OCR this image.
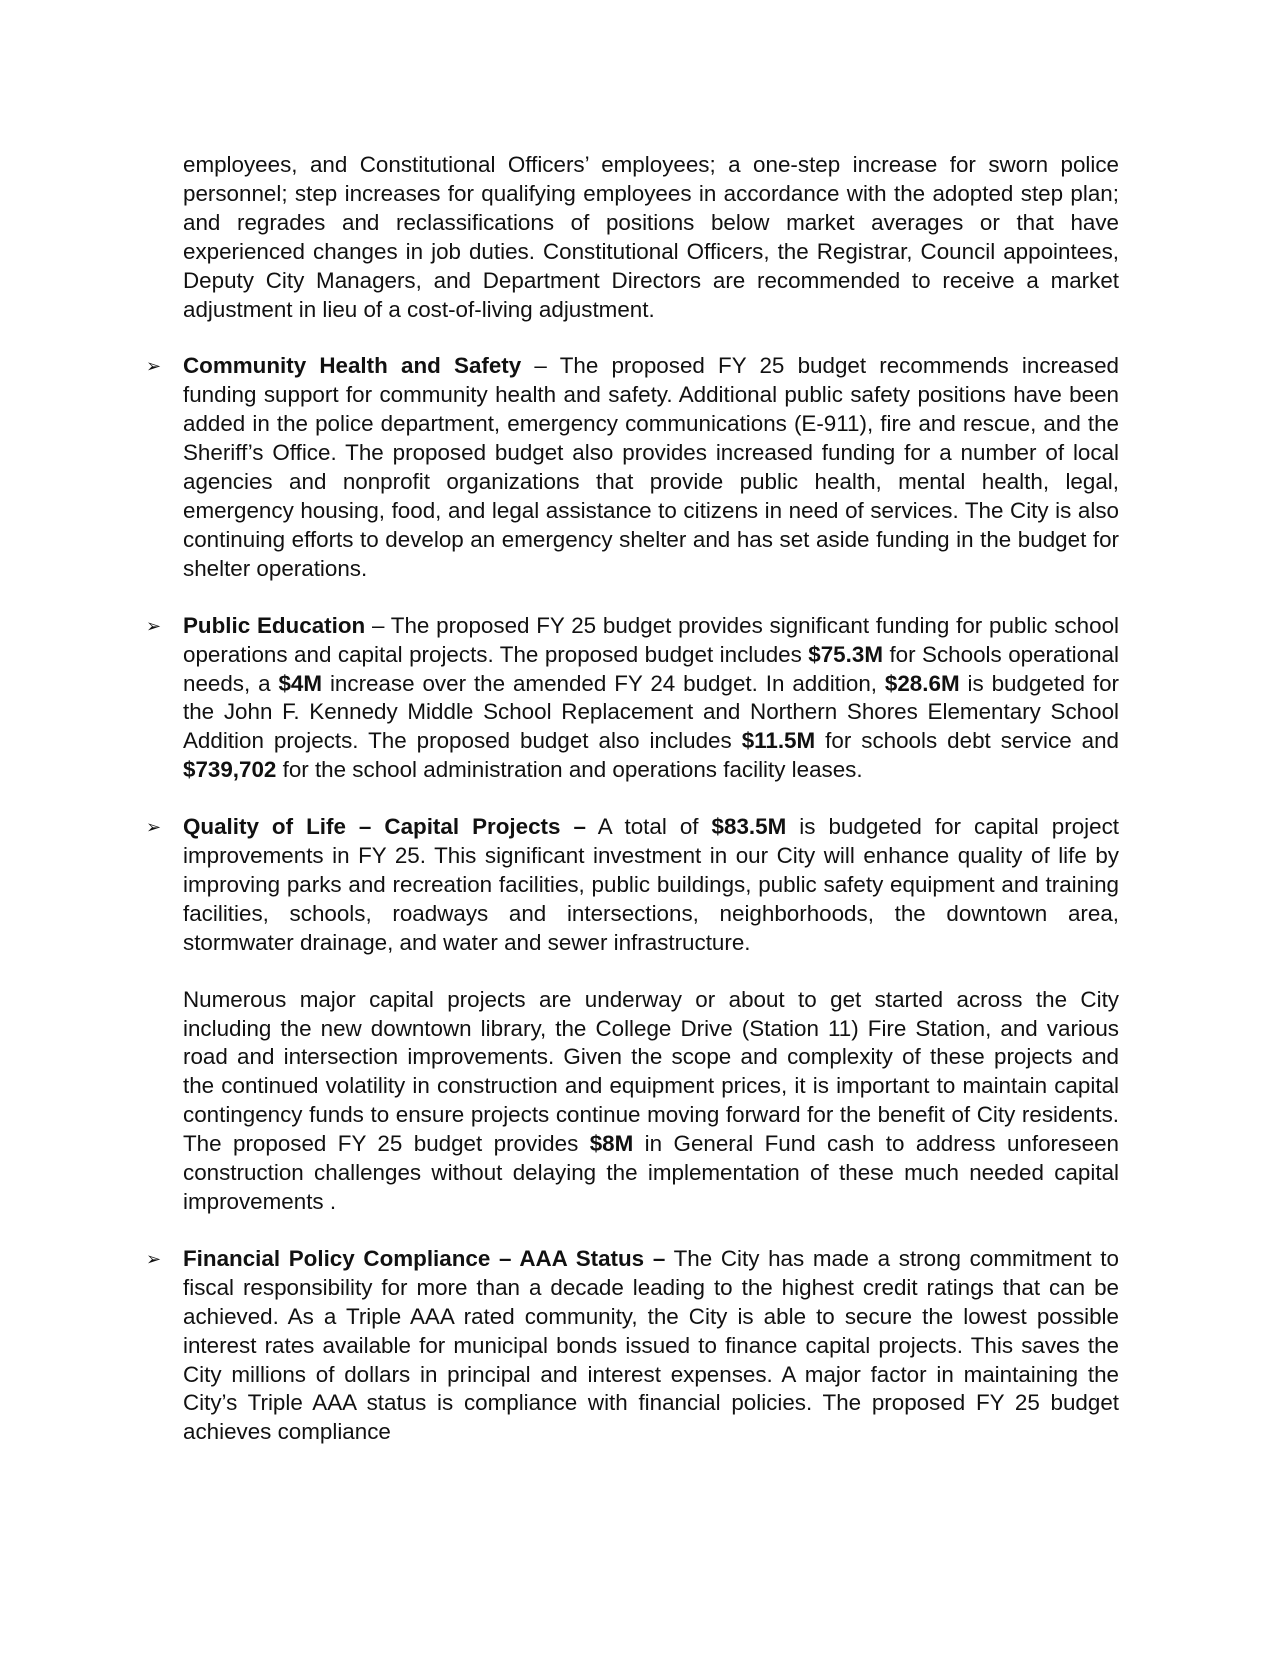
employees, and Constitutional Officers’ employees; a one-step increase for sworn police personnel; step increases for qualifying employees in accordance with the adopted step plan; and regrades and reclassifications of positions below market averages or that have experienced changes in job duties. Constitutional Officers, the Registrar, Council appointees, Deputy City Managers, and Department Directors are recommended to receive a market adjustment in lieu of a cost-of-living adjustment.

➢ Community Health and Safety – The proposed FY 25 budget recommends increased funding support for community health and safety. Additional public safety positions have been added in the police department, emergency communications (E-911), fire and rescue, and the Sheriff’s Office. The proposed budget also provides increased funding for a number of local agencies and nonprofit organizations that provide public health, mental health, legal, emergency housing, food, and legal assistance to citizens in need of services. The City is also continuing efforts to develop an emergency shelter and has set aside funding in the budget for shelter operations.

➢ Public Education – The proposed FY 25 budget provides significant funding for public school operations and capital projects. The proposed budget includes $75.3M for Schools operational needs, a $4M increase over the amended FY 24 budget. In addition, $28.6M is budgeted for the John F. Kennedy Middle School Replacement and Northern Shores Elementary School Addition projects. The proposed budget also includes $11.5M for schools debt service and $739,702 for the school administration and operations facility leases.

➢ Quality of Life – Capital Projects – A total of $83.5M is budgeted for capital project improvements in FY 25. This significant investment in our City will enhance quality of life by improving parks and recreation facilities, public buildings, public safety equipment and training facilities, schools, roadways and intersections, neighborhoods, the downtown area, stormwater drainage, and water and sewer infrastructure.

Numerous major capital projects are underway or about to get started across the City including the new downtown library, the College Drive (Station 11) Fire Station, and various road and intersection improvements. Given the scope and complexity of these projects and the continued volatility in construction and equipment prices, it is important to maintain capital contingency funds to ensure projects continue moving forward for the benefit of City residents. The proposed FY 25 budget provides $8M in General Fund cash to address unforeseen construction challenges without delaying the implementation of these much needed capital improvements .

➢ Financial Policy Compliance – AAA Status – The City has made a strong commitment to fiscal responsibility for more than a decade leading to the highest credit ratings that can be achieved. As a Triple AAA rated community, the City is able to secure the lowest possible interest rates available for municipal bonds issued to finance capital projects. This saves the City millions of dollars in principal and interest expenses. A major factor in maintaining the City’s Triple AAA status is compliance with financial policies. The proposed FY 25 budget achieves compliance
